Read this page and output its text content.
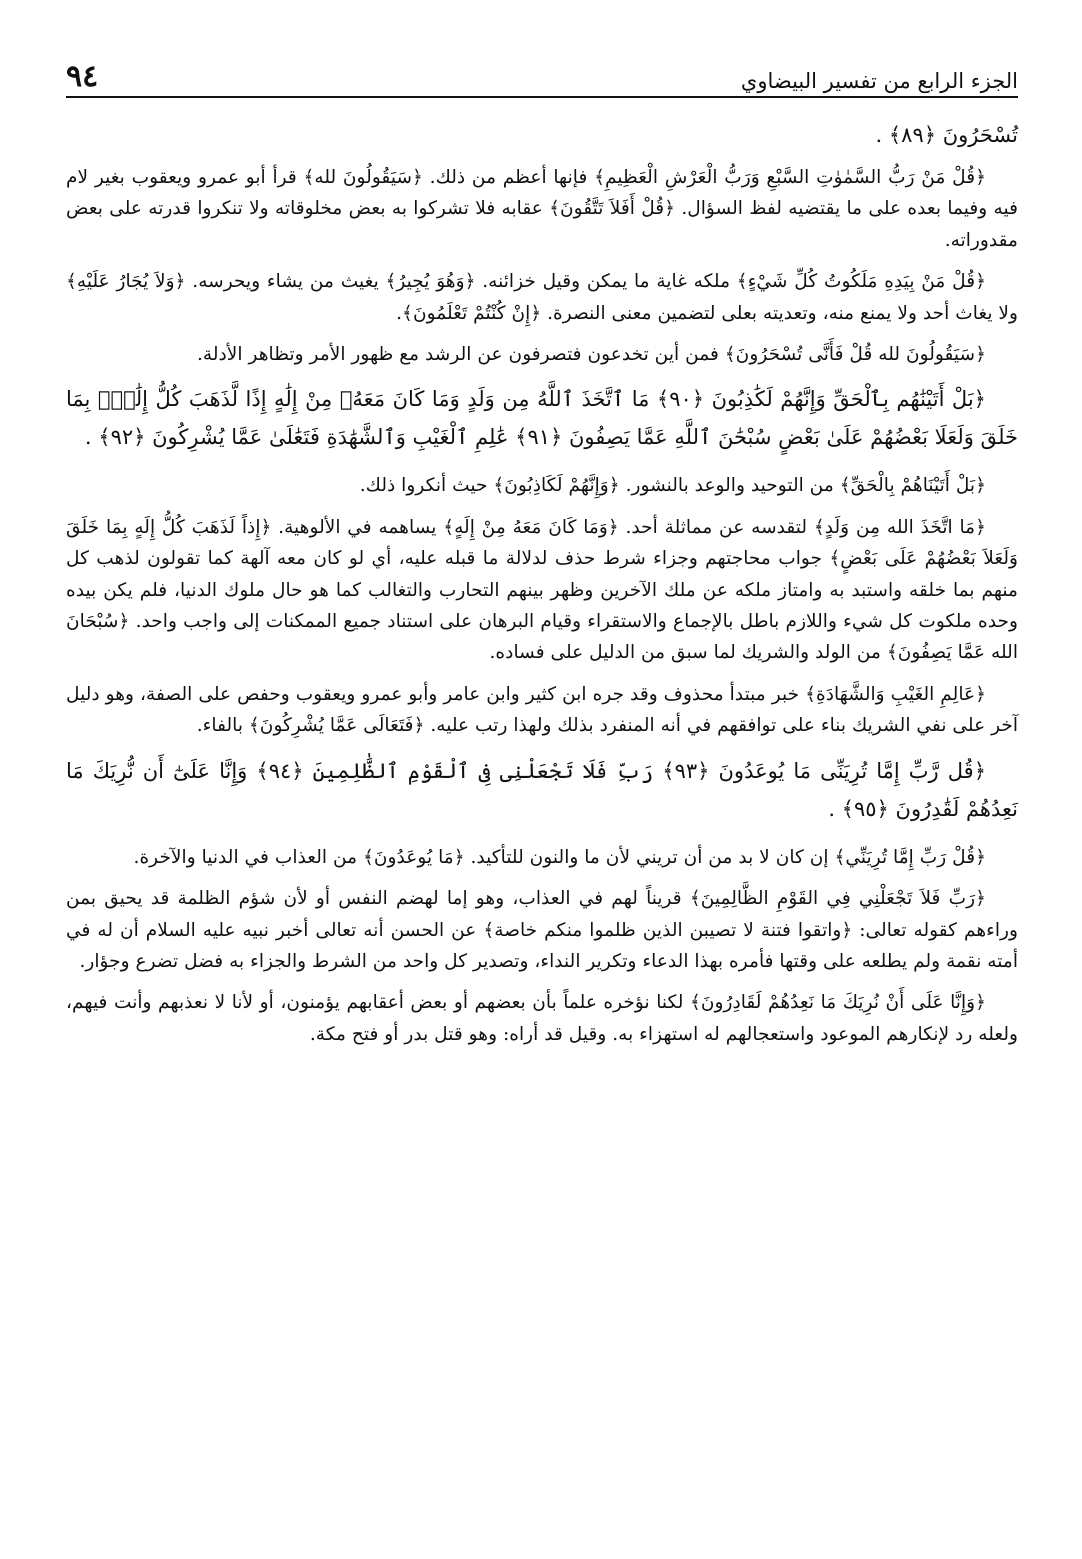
الجزء الرابع من تفسير البيضاوي
٩٤

تُسْحَرُونَ ﴿٨٩﴾ .

﴿قُلْ مَنْ رَبُّ السَّمٰوٰتِ السَّبْعِ وَرَبُّ الْعَرْشِ الْعَظِيمِ﴾ فإنها أعظم من ذلك. ﴿سَيَقُولُونَ لله﴾ قرأ أبو عمرو ويعقوب بغير لام فيه وفيما بعده على ما يقتضيه لفظ السؤال. ﴿قُلْ أَفَلاَ تَتَّقُونَ﴾ عقابه فلا تشركوا به بعض مخلوقاته ولا تنكروا قدرته على بعض مقدوراته.

﴿قُلْ مَنْ بِيَدِهِ مَلَكُوتُ كُلِّ شَيْءٍ﴾ ملكه غاية ما يمكن وقيل خزائنه. ﴿وَهُوَ يُجِيرُ﴾ يغيث من يشاء ويحرسه. ﴿وَلاَ يُجَارُ عَلَيْهِ﴾ ولا يغاث أحد ولا يمنع منه، وتعديته بعلى لتضمين معنى النصرة. ﴿إِنْ كُنْتُمْ تَعْلَمُونَ﴾.

﴿سَيَقُولُونَ لله قُلْ فَأَنَّى تُسْحَرُونَ﴾ فمن أين تخدعون فتصرفون عن الرشد مع ظهور الأمر وتظاهر الأدلة.

﴿بَلْ أَتَيْنَٰهُم بِٱلْحَقِّ وَإِنَّهُمْ لَكَٰذِبُونَ ﴿٩٠﴾ مَا ٱتَّخَذَ ٱللَّهُ مِن وَلَدٍ وَمَا كَانَ مَعَهُۥ مِنْ إِلَٰهٍ إِذًا لَّذَهَبَ كُلُّ إِلَٰهٍۭ بِمَا خَلَقَ وَلَعَلَا بَعْضُهُمْ عَلَىٰ بَعْضٍ سُبْحَٰنَ ٱللَّهِ عَمَّا يَصِفُونَ ﴿٩١﴾ عَٰلِمِ ٱلْغَيْبِ وَٱلشَّهَٰدَةِ فَتَعَٰلَىٰ عَمَّا يُشْرِكُونَ ﴿٩٢﴾ .

﴿بَلْ أَتَيْنَاهُمْ بِالْحَقِّ﴾ من التوحيد والوعد بالنشور. ﴿وَإِنَّهُمْ لَكَاذِبُونَ﴾ حيث أنكروا ذلك.

﴿مَا اتَّخَذَ الله مِن وَلَدٍ﴾ لتقدسه عن مماثلة أحد. ﴿وَمَا كَانَ مَعَهُ مِنْ إِلَهٍ﴾ يساهمه في الألوهية. ﴿إِذاً لَذَهَبَ كُلُّ إِلَهٍ بِمَا خَلَقَ وَلَعَلاَ بَعْضُهُمْ عَلَى بَعْضٍ﴾ جواب محاجتهم وجزاء شرط حذف لدلالة ما قبله عليه، أي لو كان معه آلهة كما تقولون لذهب كل منهم بما خلقه واستبد به وامتاز ملكه عن ملك الآخرين وظهر بينهم التحارب والتغالب كما هو حال ملوك الدنيا، فلم يكن بيده وحده ملكوت كل شيء واللازم باطل بالإجماع والاستقراء وقيام البرهان على استناد جميع الممكنات إلى واجب واحد. ﴿سُبْحَانَ الله عَمَّا يَصِفُونَ﴾ من الولد والشريك لما سبق من الدليل على فساده.

﴿عَالِمِ الغَيْبِ وَالشَّهَادَةِ﴾ خبر مبتدأ محذوف وقد جره ابن كثير وابن عامر وأبو عمرو ويعقوب وحفص على الصفة، وهو دليل آخر على نفي الشريك بناء على توافقهم في أنه المنفرد بذلك ولهذا رتب عليه. ﴿فَتَعَالَى عَمَّا يُشْرِكُونَ﴾ بالفاء.

﴿قُل رَّبِّ إِمَّا تُرِيَنِّى مَا يُوعَدُونَ ﴿٩٣﴾ رَبِّ فَلَا تَجْعَلْنِى فِى ٱلْقَوْمِ ٱلظَّٰلِمِينَ ﴿٩٤﴾ وَإِنَّا عَلَىٰٓ أَن نُّرِيَكَ مَا نَعِدُهُمْ لَقَٰدِرُونَ ﴿٩٥﴾ .

﴿قُلْ رَبِّ إِمَّا تُرِيَنِّي﴾ إن كان لا بد من أن تريني لأن ما والنون للتأكيد. ﴿مَا يُوعَدُونَ﴾ من العذاب في الدنيا والآخرة.

﴿رَبِّ فَلاَ تَجْعَلْنِي فِي القَوْمِ الظَّالِمِينَ﴾ قريناً لهم في العذاب، وهو إما لهضم النفس أو لأن شؤم الظلمة قد يحيق بمن وراءهم كقوله تعالى: ﴿واتقوا فتنة لا تصيبن الذين ظلموا منكم خاصة﴾ عن الحسن أنه تعالى أخبر نبيه عليه السلام أن له في أمته نقمة ولم يطلعه على وقتها فأمره بهذا الدعاء وتكرير النداء، وتصدير كل واحد من الشرط والجزاء به فضل تضرع وجؤار.

﴿وَإِنَّا عَلَى أَنْ نُرِيَكَ مَا نَعِدُهُمْ لَقَادِرُونَ﴾ لكنا نؤخره علماً بأن بعضهم أو بعض أعقابهم يؤمنون، أو لأنا لا نعذبهم وأنت فيهم، ولعله رد لإنكارهم الموعود واستعجالهم له استهزاء به. وقيل قد أراه: وهو قتل بدر أو فتح مكة.
